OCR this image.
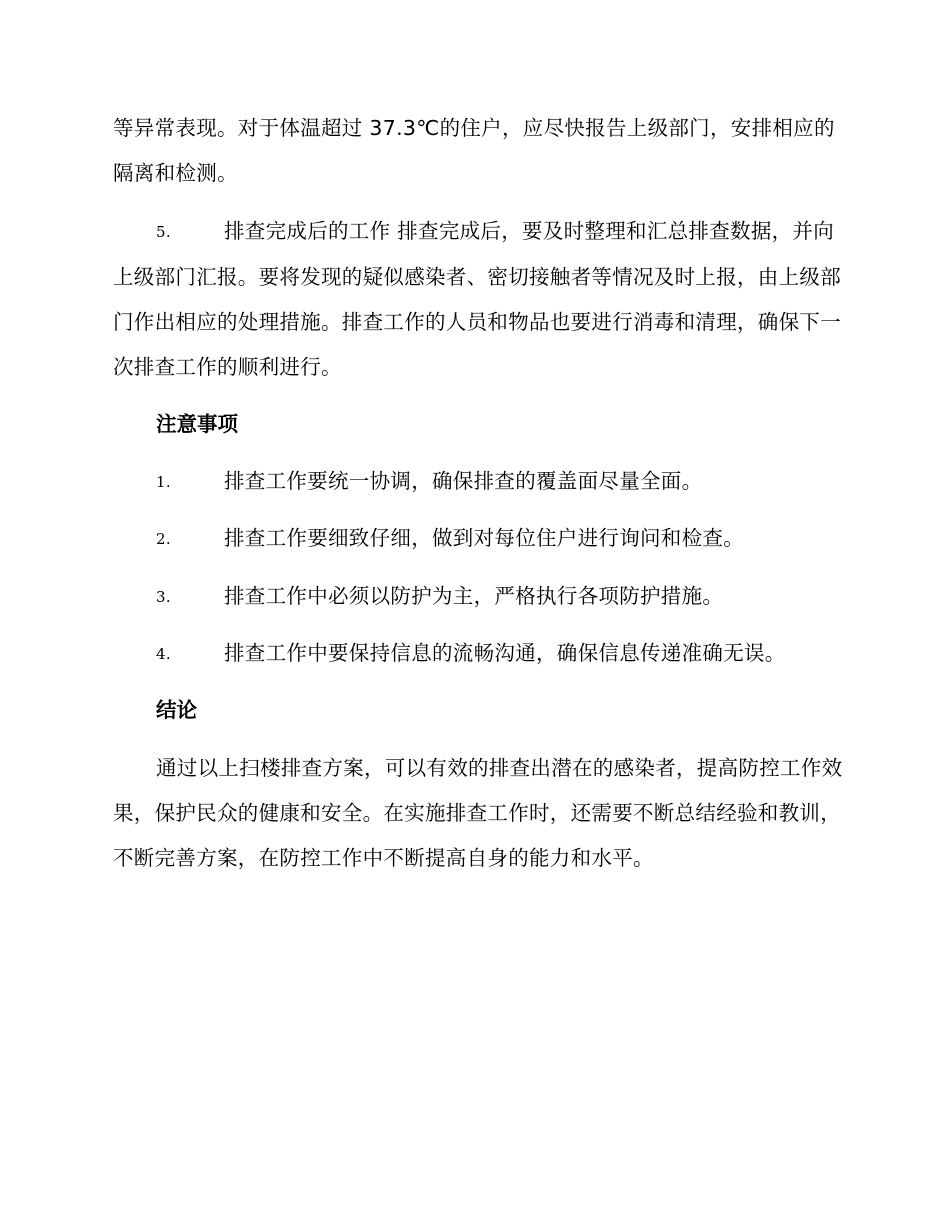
等异常表现。对于体温超过 37.3℃的住户，应尽快报告上级部门，安排相应的隔离和检测。

5.	排查完成后的工作 排查完成后，要及时整理和汇总排查数据，并向上级部门汇报。要将发现的疑似感染者、密切接触者等情况及时上报，由上级部门作出相应的处理措施。排查工作的人员和物品也要进行消毒和清理，确保下一次排查工作的顺利进行。

注意事项

1.	排查工作要统一协调，确保排查的覆盖面尽量全面。

2.	排查工作要细致仔细，做到对每位住户进行询问和检查。

3.	排查工作中必须以防护为主，严格执行各项防护措施。

4.	排查工作中要保持信息的流畅沟通，确保信息传递准确无误。

结论

通过以上扫楼排查方案，可以有效的排查出潜在的感染者，提高防控工作效果，保护民众的健康和安全。在实施排查工作时，还需要不断总结经验和教训，不断完善方案，在防控工作中不断提高自身的能力和水平。
